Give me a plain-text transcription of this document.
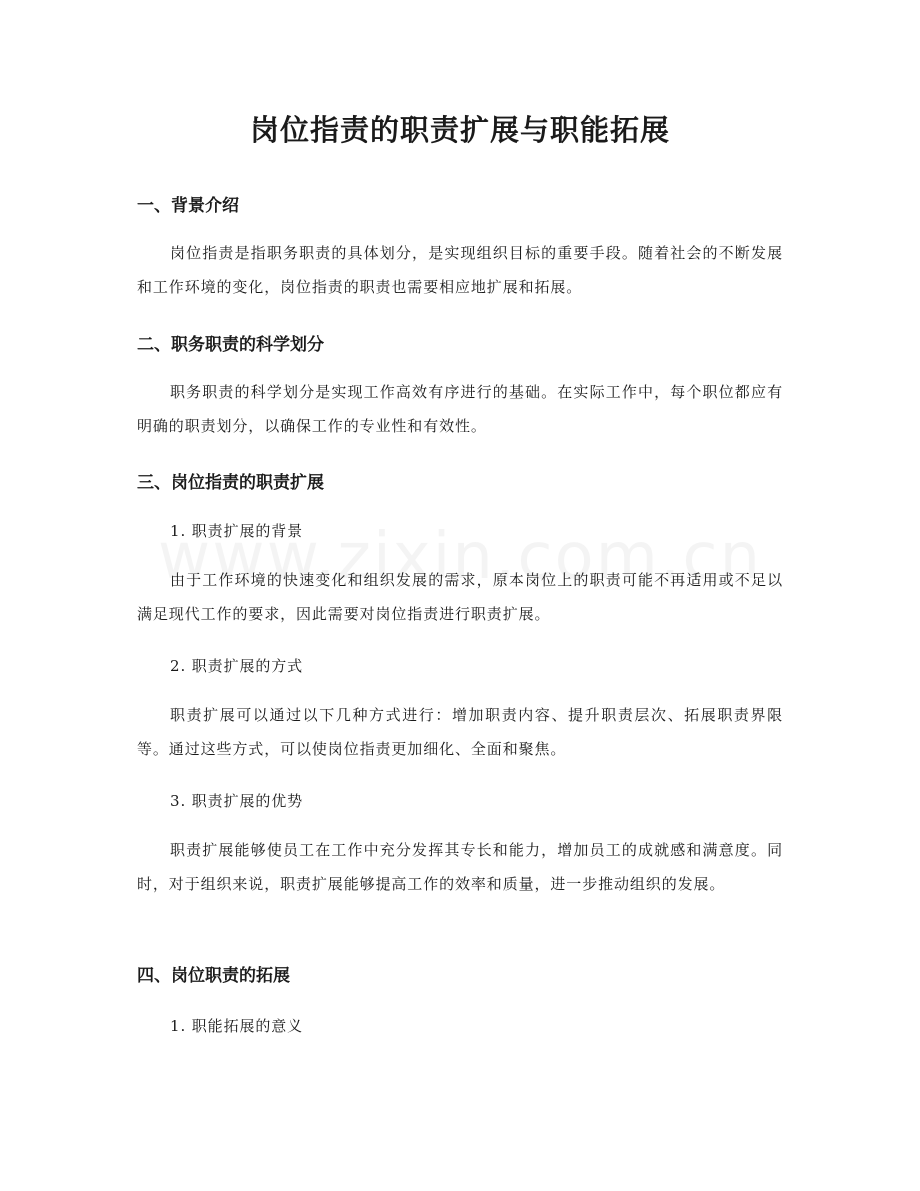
岗位指责的职责扩展与职能拓展
一、背景介绍

岗位指责是指职务职责的具体划分，是实现组织目标的重要手段。随着社会的不断发展和工作环境的变化，岗位指责的职责也需要相应地扩展和拓展。

二、职务职责的科学划分

职务职责的科学划分是实现工作高效有序进行的基础。在实际工作中，每个职位都应有明确的职责划分，以确保工作的专业性和有效性。

三、岗位指责的职责扩展

1. 职责扩展的背景

由于工作环境的快速变化和组织发展的需求，原本岗位上的职责可能不再适用或不足以满足现代工作的要求，因此需要对岗位指责进行职责扩展。

2. 职责扩展的方式

职责扩展可以通过以下几种方式进行：增加职责内容、提升职责层次、拓展职责界限等。通过这些方式，可以使岗位指责更加细化、全面和聚焦。

3. 职责扩展的优势

职责扩展能够使员工在工作中充分发挥其专长和能力，增加员工的成就感和满意度。同时，对于组织来说，职责扩展能够提高工作的效率和质量，进一步推动组织的发展。

四、岗位职责的拓展

1. 职能拓展的意义
